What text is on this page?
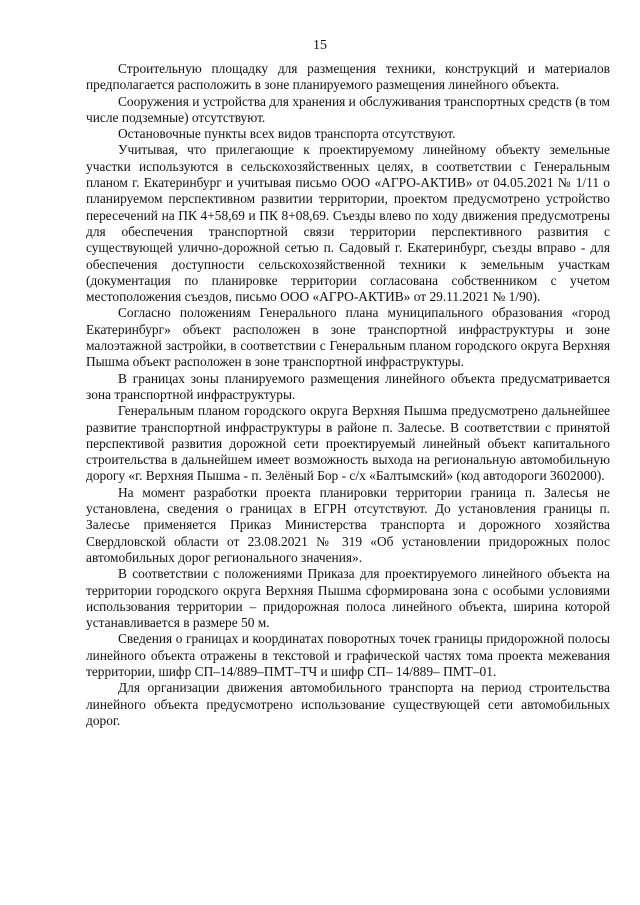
15

Строительную площадку для размещения техники, конструкций и материалов предполагается расположить в зоне планируемого размещения линейного объекта.

Сооружения и устройства для хранения и обслуживания транспортных средств (в том числе подземные) отсутствуют.

Остановочные пункты всех видов транспорта отсутствуют.

Учитывая, что прилегающие к проектируемому линейному объекту земельные участки используются в сельскохозяйственных целях, в соответствии с Генеральным планом г. Екатеринбург и учитывая письмо ООО «АГРО-АКТИВ» от 04.05.2021 № 1/11 о планируемом перспективном развитии территории, проектом предусмотрено устройство пересечений на ПК 4+58,69 и ПК 8+08,69. Съезды влево по ходу движения предусмотрены для обеспечения транспортной связи территории перспективного развития с существующей улично-дорожной сетью п. Садовый г. Екатеринбург, съезды вправо - для обеспечения доступности сельскохозяйственной техники к земельным участкам (документация по планировке территории согласована собственником с учетом местоположения съездов, письмо ООО «АГРО-АКТИВ» от 29.11.2021 № 1/90).

Согласно положениям Генерального плана муниципального образования «город Екатеринбург» объект расположен в зоне транспортной инфраструктуры и зоне малоэтажной застройки, в соответствии с Генеральным планом городского округа Верхняя Пышма объект расположен в зоне транспортной инфраструктуры.

В границах зоны планируемого размещения линейного объекта предусматривается зона транспортной инфраструктуры.

Генеральным планом городского округа Верхняя Пышма предусмотрено дальнейшее развитие транспортной инфраструктуры в районе п. Залесье. В соответствии с принятой перспективой развития дорожной сети проектируемый линейный объект капитального строительства в дальнейшем имеет возможность выхода на региональную автомобильную дорогу «г. Верхняя Пышма - п. Зелёный Бор - с/х «Балтымский» (код автодороги 3602000).

На момент разработки проекта планировки территории граница п. Залесья не установлена, сведения о границах в ЕГРН отсутствуют. До установления границы п. Залесье применяется Приказ Министерства транспорта и дорожного хозяйства Свердловской области от 23.08.2021 № 319 «Об установлении придорожных полос автомобильных дорог регионального значения».

В соответствии с положениями Приказа для проектируемого линейного объекта на территории городского округа Верхняя Пышма сформирована зона с особыми условиями использования территории – придорожная полоса линейного объекта, ширина которой устанавливается в размере 50 м.

Сведения о границах и координатах поворотных точек границы придорожной полосы линейного объекта отражены в текстовой и графической частях тома проекта межевания территории, шифр СП–14/889–ПМТ–ТЧ и шифр СП– 14/889– ПМТ–01.

Для организации движения автомобильного транспорта на период строительства линейного объекта предусмотрено использование существующей сети автомобильных дорог.
